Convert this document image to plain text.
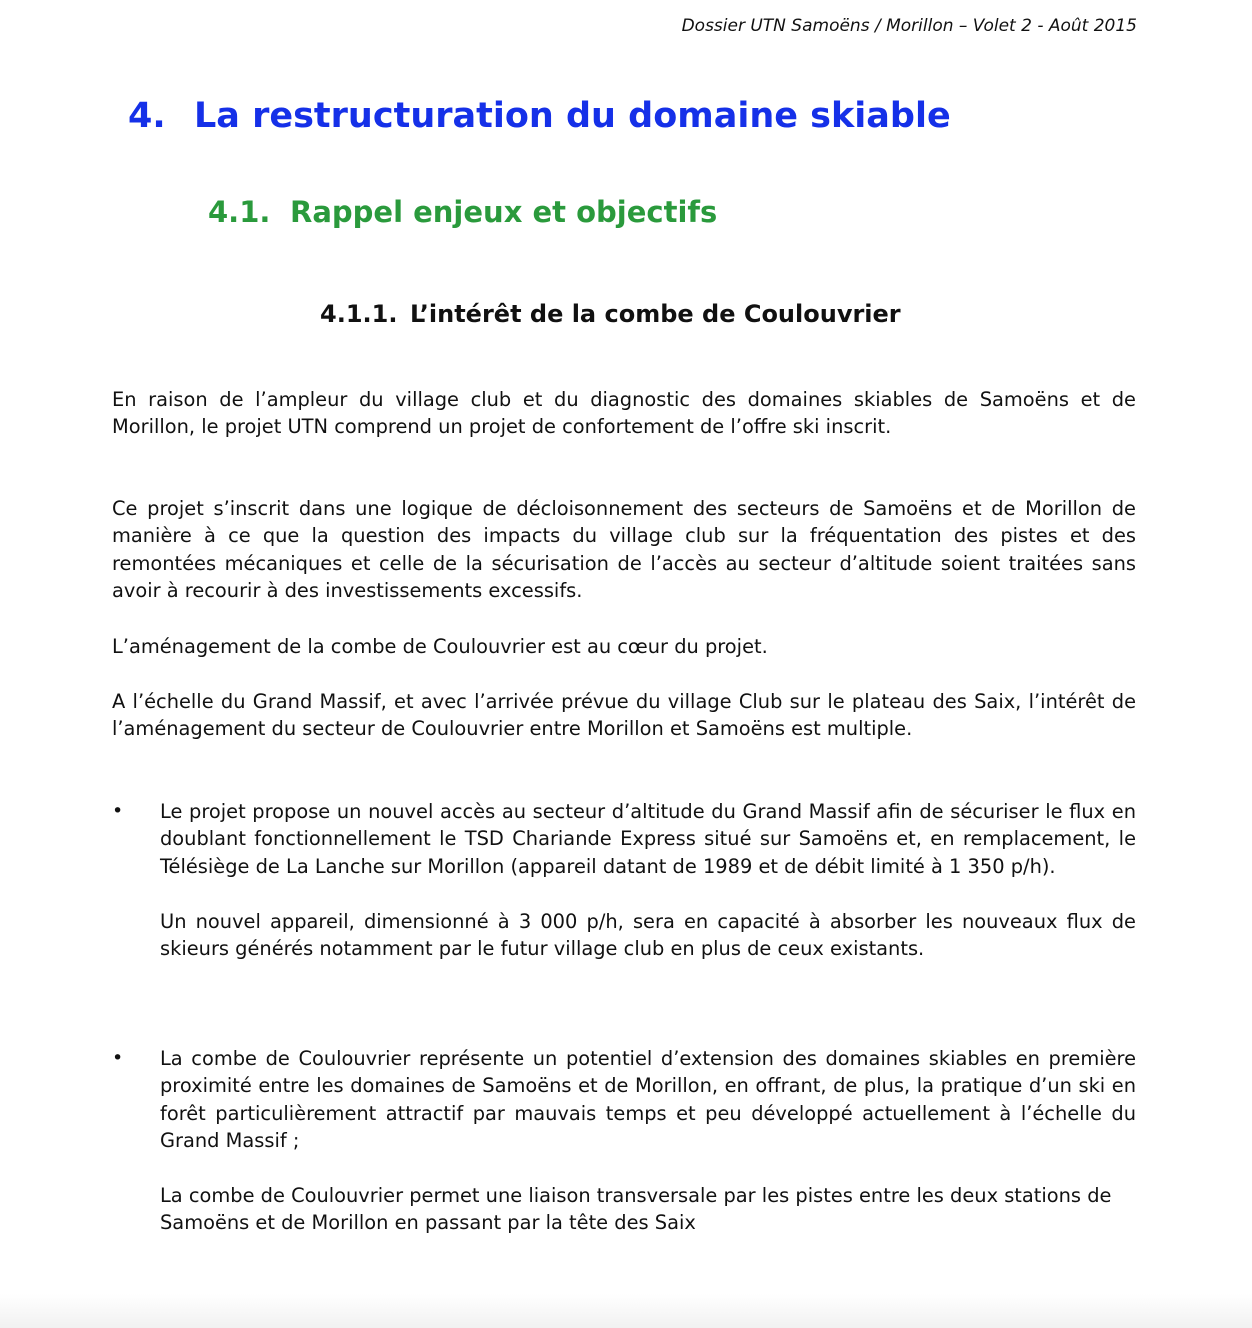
Dossier UTN Samoëns / Morillon – Volet 2 - Août 2015
4. La restructuration du domaine skiable
4.1. Rappel enjeux et objectifs
4.1.1. L’intérêt de la combe de Coulouvrier

En raison de l’ampleur du village club et du diagnostic des domaines skiables de Samoëns et de Morillon, le projet UTN comprend un projet de confortement de l’offre ski inscrit.

Ce projet s’inscrit dans une logique de décloisonnement des secteurs de Samoëns et de Morillon de manière à ce que la question des impacts du village club sur la fréquentation des pistes et des remontées mécaniques et celle de la sécurisation de l’accès au secteur d’altitude soient traitées sans avoir à recourir à des investissements excessifs.

L’aménagement de la combe de Coulouvrier est au cœur du projet.

A l’échelle du Grand Massif, et avec l’arrivée prévue du village Club sur le plateau des Saix, l’intérêt de l’aménagement du secteur de Coulouvrier entre Morillon et Samoëns est multiple.

• Le projet propose un nouvel accès au secteur d’altitude du Grand Massif afin de sécuriser le flux en doublant fonctionnellement le TSD Chariande Express situé sur Samoëns et, en remplacement, le Télésiège de La Lanche sur Morillon (appareil datant de 1989 et de débit limité à 1 350 p/h).

Un nouvel appareil, dimensionné à 3 000 p/h, sera en capacité à absorber les nouveaux flux de skieurs générés notamment par le futur village club en plus de ceux existants.

• La combe de Coulouvrier représente un potentiel d’extension des domaines skiables en première proximité entre les domaines de Samoëns et de Morillon, en offrant, de plus, la pratique d’un ski en forêt particulièrement attractif par mauvais temps et peu développé actuellement à l’échelle du Grand Massif ;

La combe de Coulouvrier permet une liaison transversale par les pistes entre les deux stations de Samoëns et de Morillon en passant par la tête des Saix
